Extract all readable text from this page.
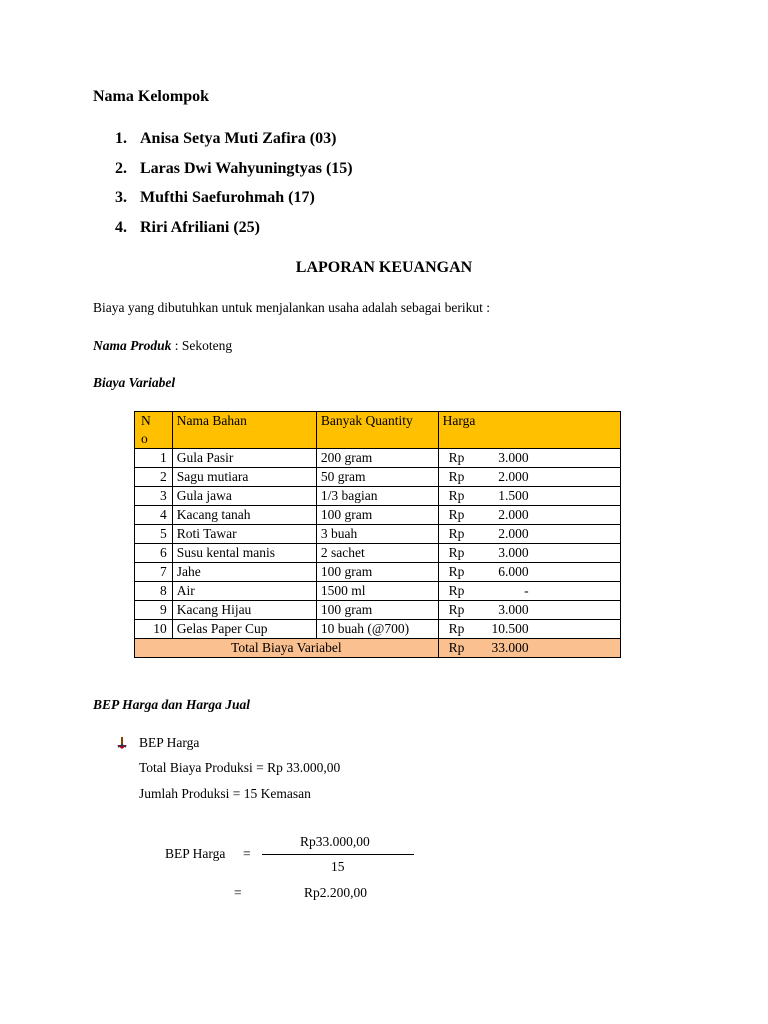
Nama Kelompok
1. Anisa Setya Muti Zafira (03)
2. Laras Dwi Wahyuningtyas (15)
3. Mufthi Saefurohmah (17)
4. Riri Afriliani (25)
LAPORAN KEUANGAN
Biaya yang dibutuhkan untuk menjalankan usaha adalah sebagai berikut :
Nama Produk : Sekoteng
Biaya Variabel
N o	Nama Bahan	Banyak Quantity	Harga
1	Gula Pasir	200 gram	Rp 3.000

2	Sagu mutiara	50 gram	Rp 2.000

3	Gula jawa	1/3 bagian	Rp 1.500

4	Kacang tanah	100 gram	Rp 2.000

5	Roti Tawar	3 buah	Rp 2.000

6	Susu kental manis	2 sachet	Rp 3.000

7	Jahe	100 gram	Rp 6.000

8	Air	1500 ml	Rp -

9	Kacang Hijau	100 gram	Rp 3.000

10	Gelas Paper Cup	10 buah (@700)	Rp 10.500

Total Biaya Variabel			Rp 33.000
BEP Harga dan Harga Jual
BEP Harga
Total Biaya Produksi = Rp 33.000,00
Jumlah Produksi = 15 Kemasan
BEP Harga =
Rp33.000,00
15
=	Rp2.200,00
